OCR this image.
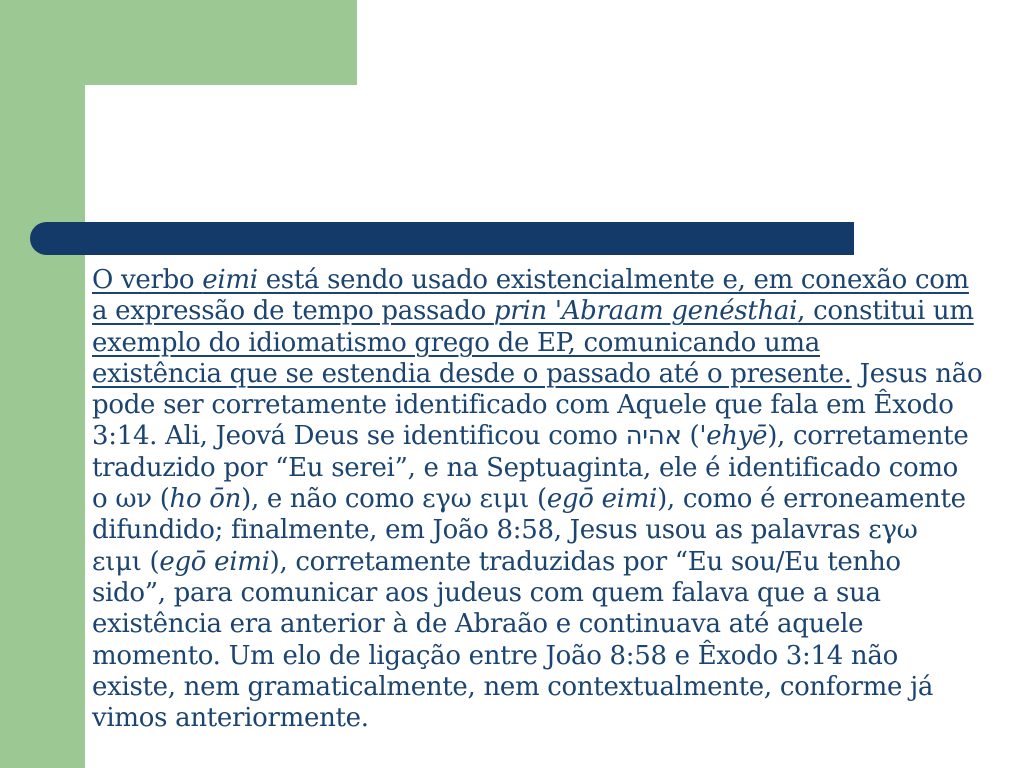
O verbo eimi está sendo usado existencialmente e, em conexão com
a expressão de tempo passado prin 'Abraam genésthai, constitui um
exemplo do idiomatismo grego de EP, comunicando uma
existência que se estendia desde o passado até o presente. Jesus não
pode ser corretamente identificado com Aquele que fala em Êxodo
3:14. Ali, Jeová Deus se identificou como אהיה ('ehyē), corretamente
traduzido por “Eu serei”, e na Septuaginta, ele é identificado como
o ων (ho ōn), e não como εγω ειμι (egō eimi), como é erroneamente
difundido; finalmente, em João 8:58, Jesus usou as palavras εγω
ειμι (egō eimi), corretamente traduzidas por “Eu sou/Eu tenho
sido”, para comunicar aos judeus com quem falava que a sua
existência era anterior à de Abraão e continuava até aquele
momento. Um elo de ligação entre João 8:58 e Êxodo 3:14 não
existe, nem gramaticalmente, nem contextualmente, conforme já
vimos anteriormente.
